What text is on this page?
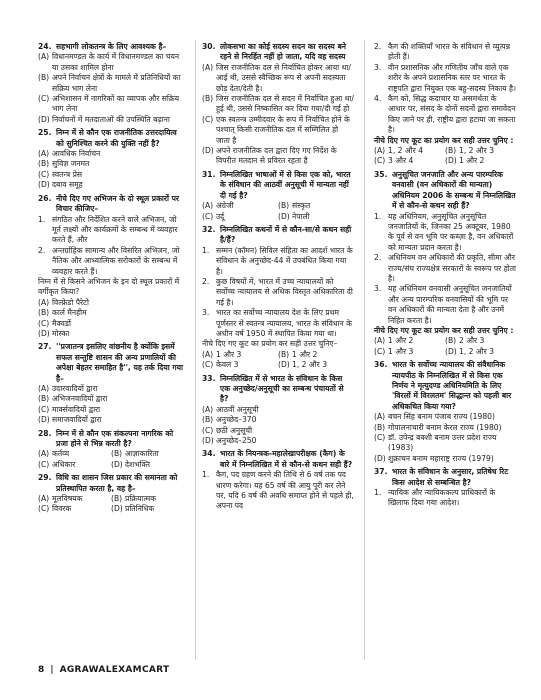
24. सहभागी लोकतन्त्र के लिए आवश्यक है–
(A) विधानमण्डल के कार्य में विधानमण्डल का चयन या उसका शामिल होना
(B) अपने निर्वाचन क्षेत्रों के मामले में प्रतिनिधियों का सक्रिय भाग लेना
(C) अभिशासन में नागरिकों का व्यापक और सक्रिय भाग लेना
(D) निर्वाचनों में मतदाताओं की उपस्थिति बढ़ाना
25. निम्न में से कौन एक राजनीतिक उत्तरदायित्व को सुनिश्चित करने की युक्ति नहीं है?
(A) आवधिक निर्वाचन
(B) सुविज्ञ जनमत
(C) स्वतन्त्र प्रेस
(D) दबाव समूह
26. नीचे दिए गए अभिजन के दो स्थूल प्रकारों पर विचार कीजिए–
1. संगठित और निर्देशित करने वाले अभिजन, जो मूर्त लक्ष्यों और कार्यक्रमों के सम्बन्ध में व्यवहार करते हैं, और
2. अन्तर्ग्राहिक सामान्य और विसरित अभिजन, जो नैतिक और आध्यात्मिक सरोकारों के सम्बन्ध में व्यवहार करते हैं।
निम्न में से किसने अभिजन के इन दो स्थूल प्रकारों में वर्गीकृत किया?
(A) विल्फ्रेडो पैरेटो
(B) कार्ल मैनहीम
(C) मैक्वर्डो
(D) मोस्का
27. ''प्रजातन्त्र इसलिए वांछनीय है क्योंकि इसमें सफल सन्तुष्टि शासन की अन्य प्रणालियों की अपेक्षा बेहतर समाहित है'', यह तर्क दिया गया है–
(A) उदारवादियों द्वारा
(B) अभिजनवादियों द्वारा
(C) मार्क्सवादियों द्वारा
(D) समाजवादियों द्वारा
28. निम्न में से कौन एक संकल्पना नागरिक को प्रजा होने से भिन्न करती है?
(A) कर्तव्य	(B) आज्ञाकारिता
(C) अधिकार	(D) देशभक्ति
29. विधि का शासन जिस प्रकार की समानता को प्रतिस्थापित करता है, वह है–
(A) मूलविषयक	(B) प्रक्रियात्मक
(C) विवरक	(D) प्रतिनिधिक
30. लोकसभा का कोई सदस्य सदन का सदस्य बने रहने से निरर्हित नहीं हो जाता, यदि वह सदस्य
(A) जिस राजनीतिक दल से निर्वाचित होकर आया था/आई थी, उससे स्वैच्छिक रूप से अपनी सदस्यता छोड़ देता/देती है।
(B) जिस राजनीतिक दल से सदन में निर्वाचित हुआ था/हुई थी, उससे निष्कासित कर दिया गया/दी गई हो
(C) एक स्वतन्त्र उम्मीदवार के रूप में निर्वाचित होने के पश्चात् किसी राजनीतिक दल में सम्मिलित हो जाता है
(D) अपने राजनीतिक दल द्वारा दिए गए निर्देश के विपरीत मतदान से प्रविरत रहता है
31. निम्नलिखित भाषाओं में से किस एक को, भारत के संविधान की आठवीं अनुसूची में मान्यता नहीं दी गई है?
(A) अंग्रेजी	(B) संस्कृत
(C) उर्दू	(D) नेपाली
32. निम्नलिखित कथनों में से कौन-सा/से कथन सही है/हैं?
1. सम्मन (कॉमन) सिविल संहिता का आदर्श भारत के संविधान के अनुच्छेद-44 में उपबंधित किया गया है।
2. कुछ विषयों में, भारत में उच्च न्यायालयों को सर्वोच्च न्यायालय से अधिक विस्तृत अधिकारिता दी गई है।
3. भारत का सर्वोच्च न्यायालय देश के लिए प्रथम पूर्णस्तर से स्वतन्त्र न्यायालय, भारत के संविधान के अधीन वर्ष 1950 में स्थापित किया गया था।
नीचे दिए गए कूट का प्रयोग कर सही उत्तर चुनिए–
(A) 1 और 3	(B) 1 और 2
(C) केवल 3	(D) 1, 2 और 3
33. निम्नलिखित में से भारत के संविधान के किस एक अनुच्छेद/अनुसूची का सम्बन्ध पंचायतों से है?
(A) आठवीं अनुसूची
(B) अनुच्छेद–370
(C) छठी अनुसूची
(D) अनुच्छेद–250
34. भारत के नियन्त्रक-महालेखापरीक्षक (कैग) के बारे में निम्नलिखित में से कौन-से कथन सही हैं?
1. कैग, पद ग्रहण करने की तिथि से 6 वर्ष तक पद धारण करेगा। यह 65 वर्ष की आयु पूरी कर लेने पर, यदि 6 वर्ष की अवधि समाप्त होने से पहले ही, अपना पद
2. कैग की शक्तियाँ भारत के संविधान से व्युत्पन्न होती हैं।
3. वीन प्रशासनिक और गणितीय जाँच वाले एक शरीर के अपने प्रशासनिक स्तर पर भारत के राष्ट्रपति द्वारा नियुक्त एक बहु-सदस्य निकाय है।
4. कैग को, सिद्ध कदाचार या असमर्थता के आधार पर, संसद के दोनों सदनों द्वारा समावेदन किए जाने पर ही, राष्ट्रीय द्वारा हटाया जा सकता है।
नीचे दिए गए कूट का प्रयोग कर सही उत्तर चुनिए :
(A) 1, 2 और 4	(B) 1, 2 और 3
(C) 3 और 4	(D) 1 और 2
35. अनुसूचित जनजाति और अन्य पारम्परिक वनवासी (वन अधिकारों की मान्यता) अधिनियम 2006 के सम्बन्ध में निम्नलिखित में से कौन-से कथन सही हैं?
1. यह अधिनियम, अनुसूचित अनुसूचित जनजातियों के, जिनका 25 अक्टूबर, 1980 के पूर्व से वन भूमि पर कब्ज़ा है, वन अधिकारों को मान्यता प्रदान करता है।
2. अधिनियम वन अधिकारों की प्रकृति, सीमा और राज्य/संघ राज्यक्षेत्र सरकारों के स्वरूप पर होता है।
3. यह अधिनियम वनवासी अनुसूचित जनजातियों और अन्य पारम्परिक वनवासियों की भूमि पर वन अधिकारों की मान्यता देता है और उनमें निहित करता है।
नीचे दिए गए कूट का प्रयोग कर सही उत्तर चुनिए :
(A) 1 और 2	(B) 2 और 3
(C) 1 और 3	(D) 1, 2 और 3
36. भारत के सर्वोच्च न्यायालय की संवैधानिक न्यायपीठ के निम्नलिखित में से किस एक निर्णय ने मृत्युदण्ड अधिनियमिति के लिए 'विरलों में विरलतम' सिद्धान्त को पहली बार अधिकथित किया गया?
(A) बचन सिंह बनाम पंजाब राज्य (1980)
(B) गोपालनाचारी बनाम केरल राज्य (1980)
(C) डॉ. उपेन्द्र बक्शी बनाम उत्तर प्रदेश राज्य (1983)
(D) शुक्राचन बनाम महाराष्ट्र राज्य (1979)
37. भारत के संविधान के अनुसार, प्रतिषेध रिट किस आदेश से सम्बन्धित है?
1. न्यायिक और न्यायिककल्प प्राधिकारों के खिलाफ दिया गया आदेश।
8 | AGRAWAL EXAMCART
